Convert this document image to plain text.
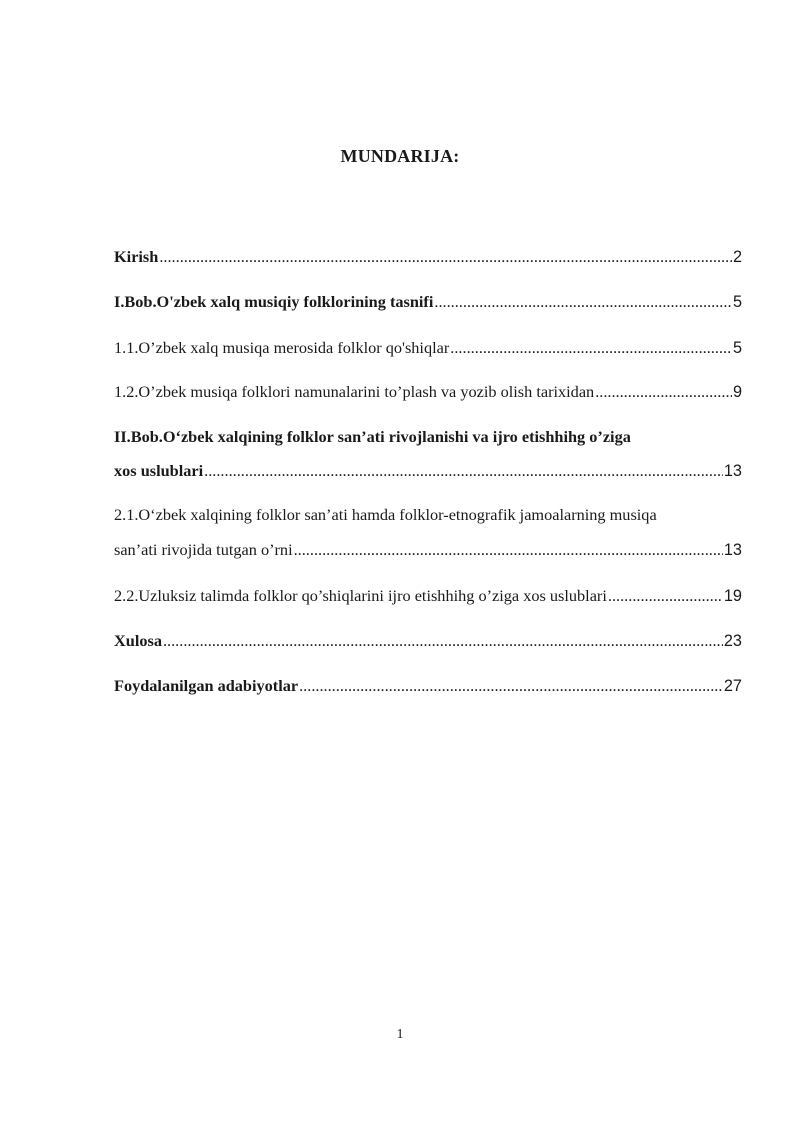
MUNDARIJA:
Kirish .....	2
I.Bob.O'zbek xalq musiqiy folklorining tasnifi .....	5
1.1.O’zbek xalq musiqa merosida folklor qo'shiqlar .....	5
1.2.O’zbek musiqa folklori namunalarini to’plash va yozib olish tarixidan .....	9
II.Bob.O‘zbek xalqining folklor san’ati rivojlanishi va ijro etishhihg o’ziga
xos uslublari .....	13
2.1.O‘zbek xalqining folklor san’ati hamda folklor-etnografik jamoalarning musiqa
san’ati rivojida tutgan o’rni .....	13
2.2.Uzluksiz talimda folklor qo’shiqlarini ijro etishhihg o’ziga xos uslublari .....	19
Xulosa .....	23
Foydalanilgan adabiyotlar .....	27
1
